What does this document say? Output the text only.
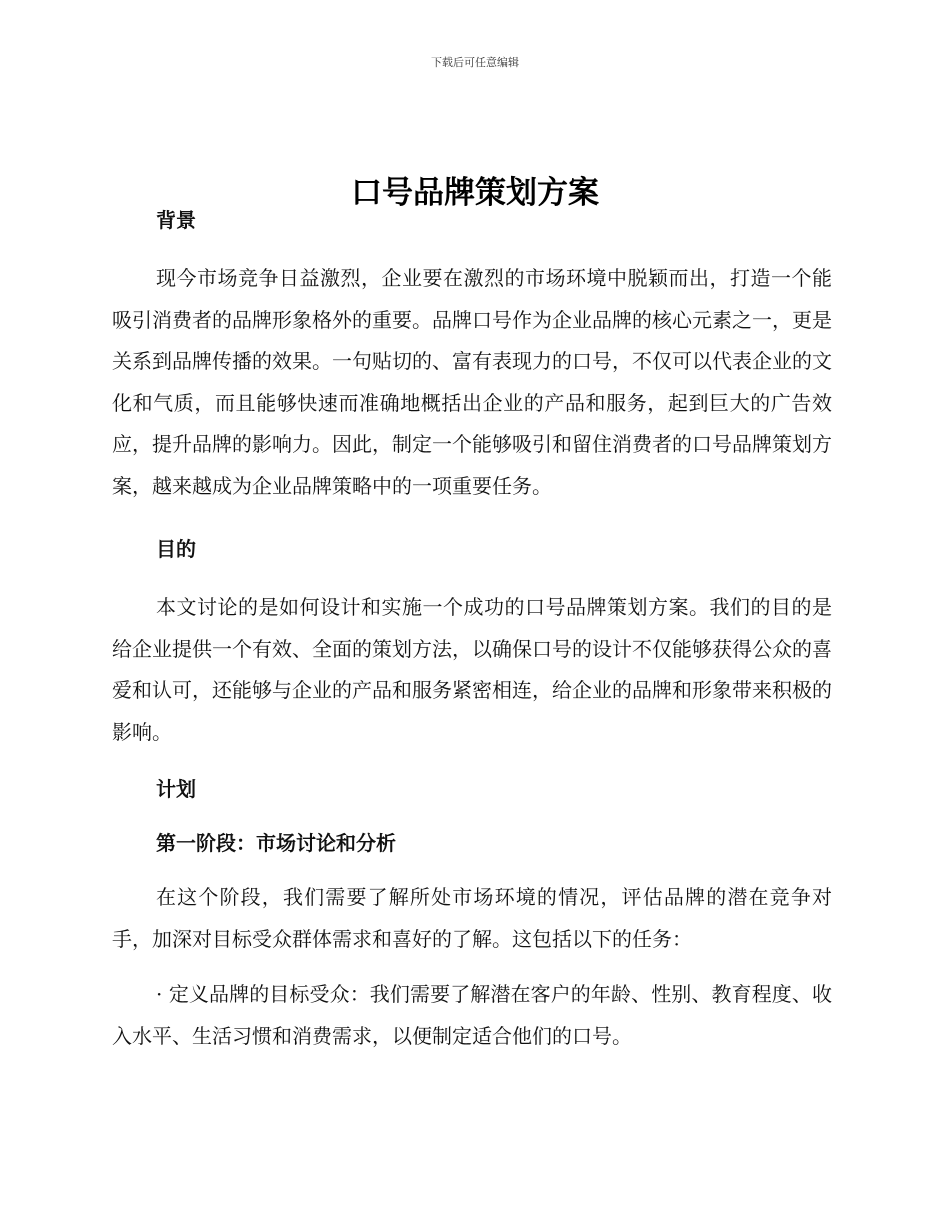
下载后可任意编辑
口号品牌策划方案

背景

现今市场竞争日益激烈，企业要在激烈的市场环境中脱颖而出，打造一个能吸引消费者的品牌形象格外的重要。品牌口号作为企业品牌的核心元素之一，更是关系到品牌传播的效果。一句贴切的、富有表现力的口号，不仅可以代表企业的文化和气质，而且能够快速而准确地概括出企业的产品和服务，起到巨大的广告效应，提升品牌的影响力。因此，制定一个能够吸引和留住消费者的口号品牌策划方案，越来越成为企业品牌策略中的一项重要任务。

目的

本文讨论的是如何设计和实施一个成功的口号品牌策划方案。我们的目的是给企业提供一个有效、全面的策划方法，以确保口号的设计不仅能够获得公众的喜爱和认可，还能够与企业的产品和服务紧密相连，给企业的品牌和形象带来积极的影响。

计划

第一阶段：市场讨论和分析

在这个阶段，我们需要了解所处市场环境的情况，评估品牌的潜在竞争对手，加深对目标受众群体需求和喜好的了解。这包括以下的任务：

· 定义品牌的目标受众：我们需要了解潜在客户的年龄、性别、教育程度、收入水平、生活习惯和消费需求，以便制定适合他们的口号。
